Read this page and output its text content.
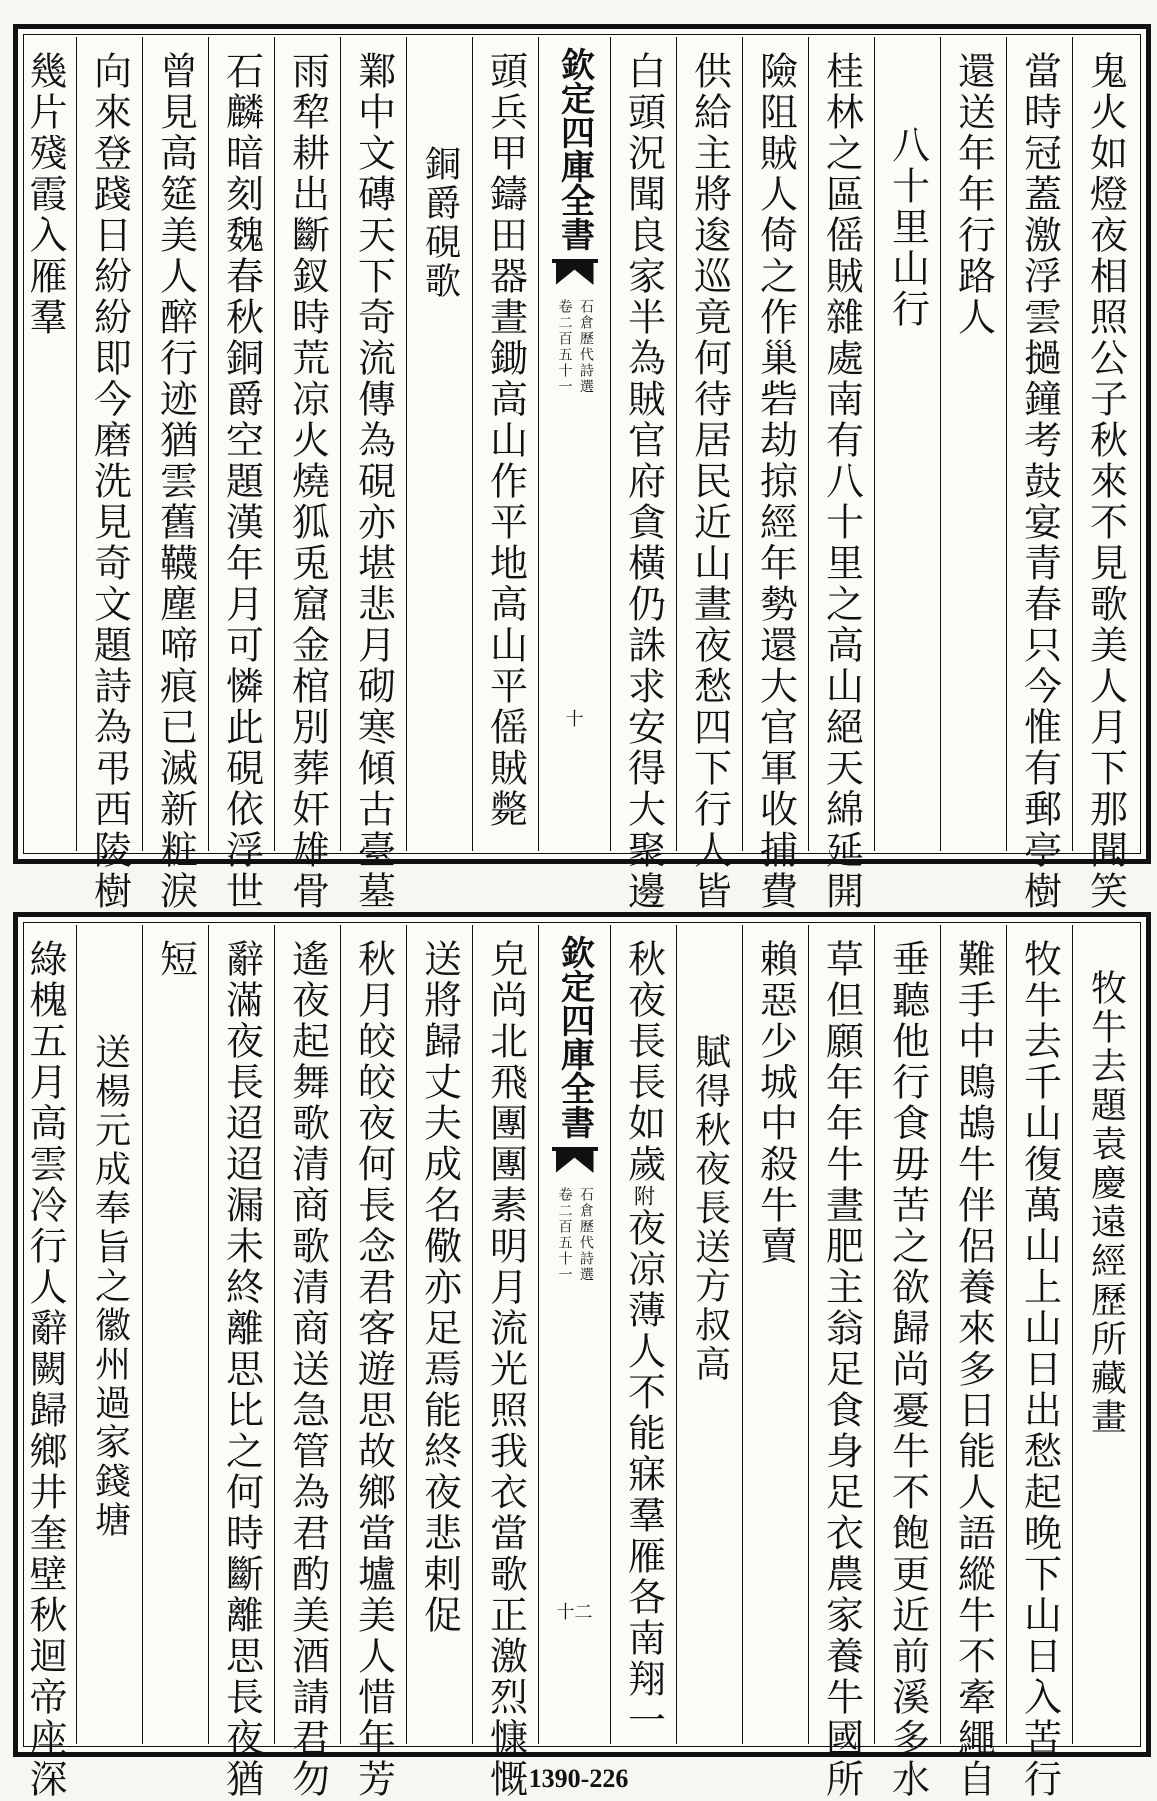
鬼火如燈夜相照公子秋來不見歌美人月下那聞笑
當時冠蓋激浮雲撾鐘考鼓宴青春只今惟有郵亭樹
還送年年行路人
八十里山行
桂林之區傜賊雜處南有八十里之高山絕天綿延開
險阻賊人倚之作巢砦劫掠經年勢還大官軍收捕費
供給主將逡巡竟何待居民近山晝夜愁四下行人皆
白頭況聞良家半為賊官府貪橫仍誅求安得大聚邊
欽定四庫全書
石倉歷代詩選
卷二百五十一
十
頭兵甲鑄田器晝鋤高山作平地高山平傜賊斃
銅爵硯歌
鄴中文磚天下奇流傳為硯亦堪悲月砌寒傾古臺墓
雨犂耕出斷釵時荒凉火燒狐兎窟金棺別葬奸雄骨
石麟暗刻魏春秋銅爵空題漢年月可憐此硯依浮世
曾見高筵美人醉行迹猶雲舊韈塵啼痕已滅新粧淚
向來登踐日紛紛即今磨洗見奇文題詩為弔西陵樹
幾片殘霞入雁羣
牧牛去題袁慶遠經歷所藏畫
牧牛去千山復萬山上山日出愁起晚下山日入苦行
難手中鵖鴣牛伴侶養來多日能人語縱牛不牽繩自
垂聽他行食毋苦之欲歸尚憂牛不飽更近前溪多水
草但願年年牛晝肥主翁足食身足衣農家養牛國所
賴惡少城中殺牛賣
賦得秋夜長送方叔高
秋夜長長如歲附夜凉薄人不能寐羣雁各南翔一
欽定四庫全書
石倉歷代詩選
卷二百五十一
十二
皃尚北飛團團素明月流光照我衣當歌正激烈慷慨
送將歸丈夫成名儆亦足焉能終夜悲剌促
秋月皎皎夜何長念君客遊思故鄉當壚美人惜年芳
遙夜起舞歌清商歌清商送急管為君酌美酒請君勿
辭滿夜長迢迢漏未終離思比之何時斷離思長夜猶
短
送楊元成奉旨之徽州過家錢塘
綠槐五月高雲冷行人辭闕歸鄉井奎壁秋迴帝座深	1390-226
